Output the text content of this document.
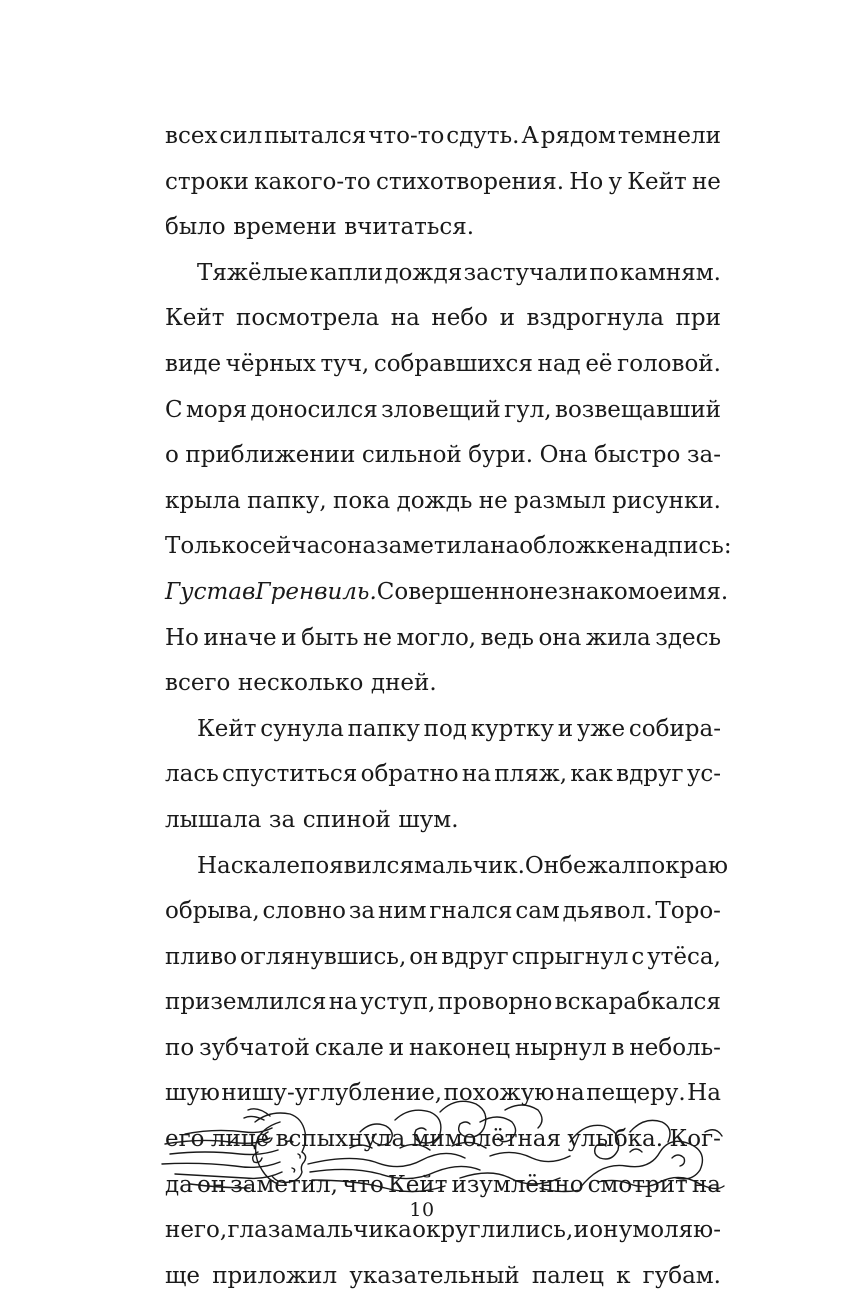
всех сил пытался что-то сдуть. А рядом темнели
строки какого-то стихотворения. Но у Кейт не
было времени вчитаться.
Тяжёлые капли дождя застучали по камням.
Кейт посмотрела на небо и вздрогнула при
виде чёрных туч, собравшихся над её головой.
С моря доносился зловещий гул, возвещавший
о приближении сильной бури. Она быстро за-
крыла папку, пока дождь не размыл рисунки.
Только сейчас она заметила на обложке надпись:
Густав Гренвиль. Совершенно незнакомое имя.
Но иначе и быть не могло, ведь она жила здесь
всего несколько дней.
Кейт сунула папку под куртку и уже собира-
лась спуститься обратно на пляж, как вдруг ус-
лышала за спиной шум.
На скале появился мальчик. Он бежал по краю
обрыва, словно за ним гнался сам дьявол. Торо-
пливо оглянувшись, он вдруг спрыгнул с утёса,
приземлился на уступ, проворно вскарабкался
по зубчатой скале и наконец нырнул в неболь-
шую нишу-углубление, похожую на пещеру. На
его лице вспыхнула мимолётная улыбка. Ког-
да он заметил, что Кейт изумлённо смотрит на
него, глаза мальчика округлились, и он умоляю-
ще приложил указательный палец к губам.
10
